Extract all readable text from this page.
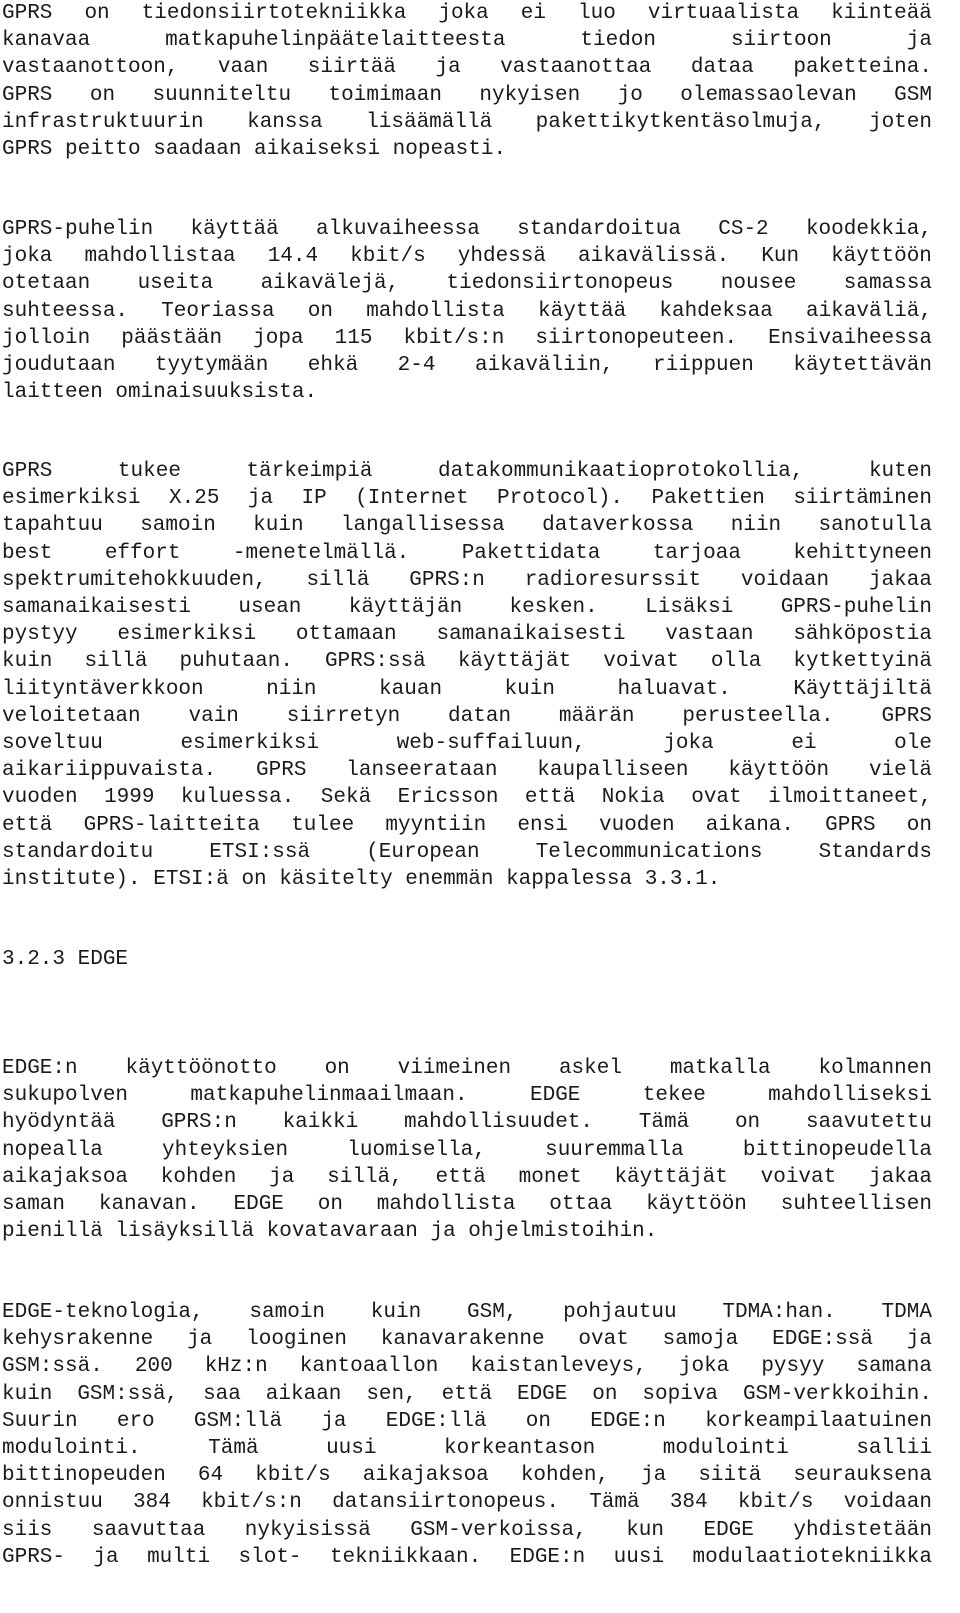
GPRS on tiedonsiirtotekniikka joka ei luo virtuaalista kiinteää
kanavaa	matkapuhelinpäätelaitteesta	tiedon	siirtoon	ja
vastaanottoon, vaan siirtää ja vastaanottaa dataa paketteina.
GPRS on suunniteltu toimimaan nykyisen jo olemassaolevan GSM
infrastruktuurin kanssa lisäämällä pakettikytkentäsolmuja, joten
GPRS peitto saadaan aikaiseksi nopeasti.
GPRS-puhelin käyttää alkuvaiheessa standardoitua CS-2 koodekkia,
joka mahdollistaa 14.4 kbit/s yhdessä aikavälissä. Kun käyttöön
otetaan useita aikavälejä, tiedonsiirtonopeus nousee samassa
suhteessa. Teoriassa on mahdollista käyttää kahdeksaa aikaväliä,
jolloin päästään jopa 115 kbit/s:n siirtonopeuteen. Ensivaiheessa
joudutaan tyytymään ehkä 2-4 aikaväliin, riippuen käytettävän
laitteen ominaisuuksista.
GPRS	tukee	tärkeimpiä	datakommunikaatioprotokollia,	kuten
esimerkiksi X.25 ja IP (Internet Protocol). Pakettien siirtäminen
tapahtuu samoin kuin langallisessa dataverkossa niin sanotulla
best effort -menetelmällä. Pakettidata tarjoaa kehittyneen
spektrumitehokkuuden, sillä GPRS:n radioresurssit voidaan jakaa
samanaikaisesti usean käyttäjän kesken. Lisäksi GPRS-puhelin
pystyy esimerkiksi ottamaan samanaikaisesti vastaan sähköpostia
kuin sillä puhutaan. GPRS:ssä käyttäjät voivat olla kytkettyinä
liityntäverkkoon	niin	kauan	kuin	haluavat.	Käyttäjiltä
veloitetaan vain siirretyn datan määrän perusteella. GPRS
soveltuu	esimerkiksi	web-suffailuun,	joka	ei	ole
aikariippuvaista. GPRS lanseerataan kaupalliseen käyttöön vielä
vuoden 1999 kuluessa. Sekä Ericsson että Nokia ovat ilmoittaneet,
että GPRS-laitteita tulee myyntiin ensi vuoden aikana. GPRS on
standardoitu	ETSI:ssä	(European	Telecommunications	Standards
institute). ETSI:ä on käsitelty enemmän kappalessa 3.3.1.
3.2.3 EDGE
EDGE:n käyttöönotto on viimeinen askel matkalla kolmannen
sukupolven	matkapuhelinmaailmaan.	EDGE	tekee	mahdolliseksi
hyödyntää GPRS:n kaikki mahdollisuudet. Tämä on saavutettu
nopealla	yhteyksien	luomisella,	suuremmalla	bittinopeudella
aikajaksoa kohden ja sillä, että monet käyttäjät voivat jakaa
saman kanavan. EDGE on mahdollista ottaa käyttöön suhteellisen
pienillä lisäyksillä kovatavaraan ja ohjelmistoihin.
EDGE-teknologia, samoin kuin GSM, pohjautuu TDMA:han. TDMA
kehysrakenne ja looginen kanavarakenne ovat samoja EDGE:ssä ja
GSM:ssä. 200 kHz:n kantoaallon kaistanleveys, joka pysyy samana
kuin GSM:ssä, saa aikaan sen, että EDGE on sopiva GSM-verkkoihin.
Suurin ero GSM:llä ja EDGE:llä on EDGE:n korkeampilaatuinen
modulointi.	Tämä	uusi	korkeantason	modulointi	sallii
bittinopeuden 64 kbit/s aikajaksoa kohden, ja siitä seurauksena
onnistuu 384 kbit/s:n datansiirtonopeus. Tämä 384 kbit/s voidaan
siis saavuttaa nykyisissä GSM-verkoissa, kun EDGE yhdistetään
GPRS- ja multi slot- tekniikkaan. EDGE:n uusi modulaatiotekniikka
